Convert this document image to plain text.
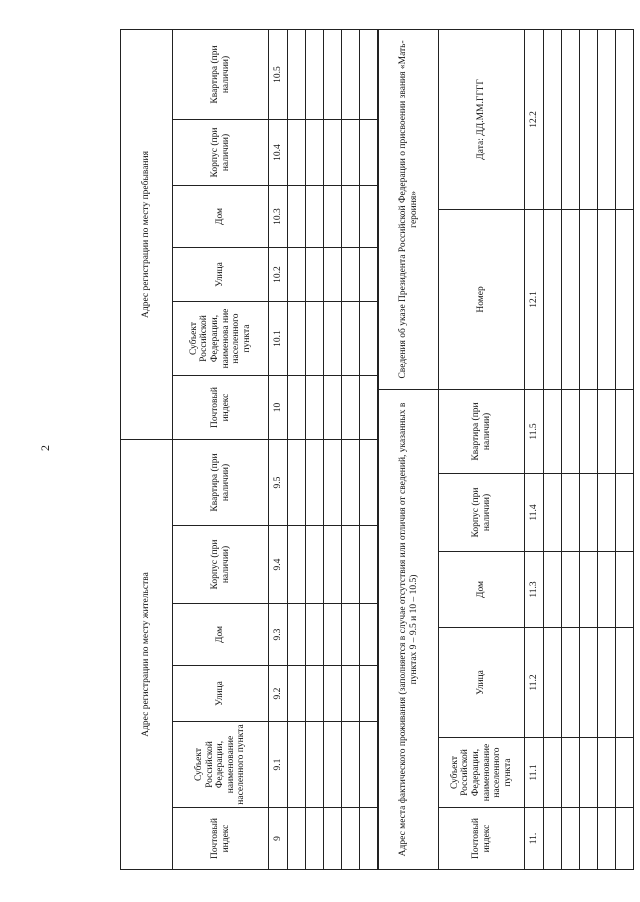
2
Адрес регистрации по месту жительства						Адрес регистрации по месту пребывания					
Почтовый индекс	Субъект Российской Федерации, наименование населенного пункта	Улица	Дом	Корпус (при наличии)	Квартира (при наличии)	Почтовый индекс	Субъект Российской Федерации, наименова ние населенного пункта	Улица	Дом	Корпус (при наличии)	Квартира (при наличии)
9	9.1	9.2	9.3	9.4	9.5	10	10.1	10.2	10.3	10.4	10.5

Адрес места фактического проживания (заполняется в случае отсутствия или отличия от сведений, указанных в пунктах 9 – 9.5 и 10 – 10.5)						Сведения об указе Президента Российской Федерации о присвоении звания «Мать-героиня»	

Почтовый индекс	Субъект Российской Федерации, наименование населенного пункта	Улица	Дом	Корпус (при наличии)	Квартира (при наличии)	Номер	Дата: ДД.ММ.ГГГГ
11.	11.1	11.2	11.3	11.4	11.5	12.1	12.2
